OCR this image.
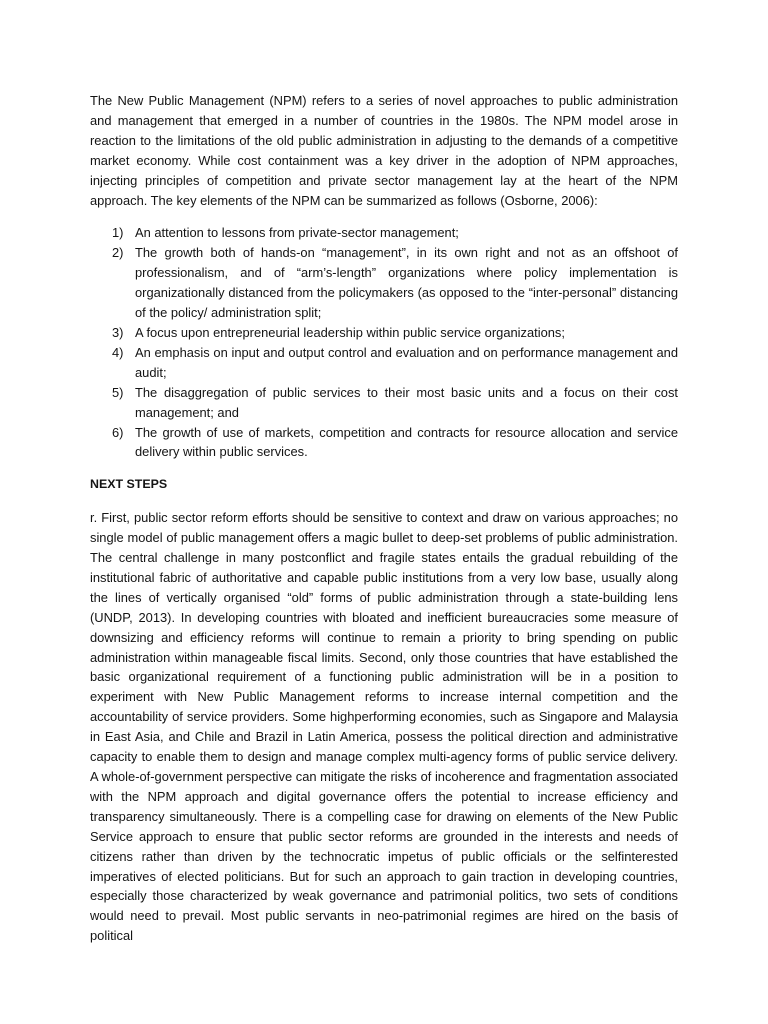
The New Public Management (NPM) refers to a series of novel approaches to public administration and management that emerged in a number of countries in the 1980s. The NPM model arose in reaction to the limitations of the old public administration in adjusting to the demands of a competitive market economy. While cost containment was a key driver in the adoption of NPM approaches, injecting principles of competition and private sector management lay at the heart of the NPM approach. The key elements of the NPM can be summarized as follows (Osborne, 2006):

1) An attention to lessons from private-sector management;
2) The growth both of hands-on “management”, in its own right and not as an offshoot of professionalism, and of “arm’s-length” organizations where policy implementation is organizationally distanced from the policymakers (as opposed to the “inter-personal” distancing of the policy/ administration split;
3) A focus upon entrepreneurial leadership within public service organizations;
4) An emphasis on input and output control and evaluation and on performance management and audit;
5) The disaggregation of public services to their most basic units and a focus on their cost management; and
6) The growth of use of markets, competition and contracts for resource allocation and service delivery within public services.
NEXT STEPS

r. First, public sector reform efforts should be sensitive to context and draw on various approaches; no single model of public management offers a magic bullet to deep-set problems of public administration. The central challenge in many postconflict and fragile states entails the gradual rebuilding of the institutional fabric of authoritative and capable public institutions from a very low base, usually along the lines of vertically organised “old” forms of public administration through a state-building lens (UNDP, 2013). In developing countries with bloated and inefficient bureaucracies some measure of downsizing and efficiency reforms will continue to remain a priority to bring spending on public administration within manageable fiscal limits. Second, only those countries that have established the basic organizational requirement of a functioning public administration will be in a position to experiment with New Public Management reforms to increase internal competition and the accountability of service providers. Some highperforming economies, such as Singapore and Malaysia in East Asia, and Chile and Brazil in Latin America, possess the political direction and administrative capacity to enable them to design and manage complex multi-agency forms of public service delivery. A whole-of-government perspective can mitigate the risks of incoherence and fragmentation associated with the NPM approach and digital governance offers the potential to increase efficiency and transparency simultaneously. There is a compelling case for drawing on elements of the New Public Service approach to ensure that public sector reforms are grounded in the interests and needs of citizens rather than driven by the technocratic impetus of public officials or the selfinterested imperatives of elected politicians. But for such an approach to gain traction in developing countries, especially those characterized by weak governance and patrimonial politics, two sets of conditions would need to prevail. Most public servants in neo-patrimonial regimes are hired on the basis of political
